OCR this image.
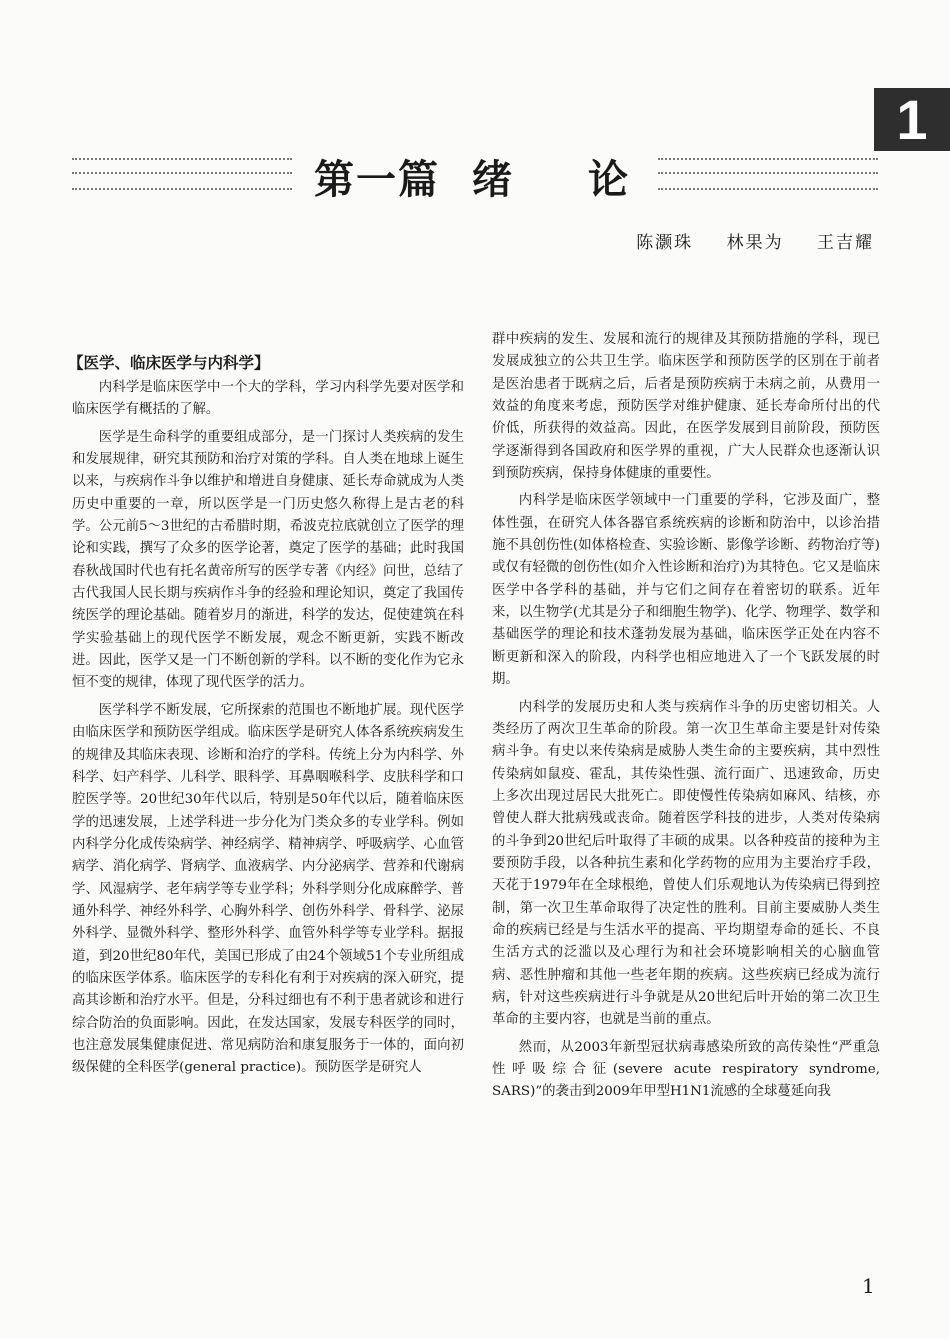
1
第一篇 绪 论
陈灏珠 林果为 王吉耀
【医学、临床医学与内科学】

内科学是临床医学中一个大的学科，学习内科学先要对医学和临床医学有概括的了解。

医学是生命科学的重要组成部分，是一门探讨人类疾病的发生和发展规律，研究其预防和治疗对策的学科。自人类在地球上诞生以来，与疾病作斗争以维护和增进自身健康、延长寿命就成为人类历史中重要的一章，所以医学是一门历史悠久称得上是古老的科学。公元前5～3世纪的古希腊时期，希波克拉底就创立了医学的理论和实践，撰写了众多的医学论著，奠定了医学的基础；此时我国春秋战国时代也有托名黄帝所写的医学专著《内经》问世，总结了古代我国人民长期与疾病作斗争的经验和理论知识，奠定了我国传统医学的理论基础。随着岁月的渐进，科学的发达，促使建筑在科学实验基础上的现代医学不断发展，观念不断更新，实践不断改进。因此，医学又是一门不断创新的学科。以不断的变化作为它永恒不变的规律，体现了现代医学的活力。

医学科学不断发展，它所探索的范围也不断地扩展。现代医学由临床医学和预防医学组成。临床医学是研究人体各系统疾病发生的规律及其临床表现、诊断和治疗的学科。传统上分为内科学、外科学、妇产科学、儿科学、眼科学、耳鼻咽喉科学、皮肤科学和口腔医学等。20世纪30年代以后，特别是50年代以后，随着临床医学的迅速发展，上述学科进一步分化为门类众多的专业学科。例如内科学分化成传染病学、神经病学、精神病学、呼吸病学、心血管病学、消化病学、肾病学、血液病学、内分泌病学、营养和代谢病学、风湿病学、老年病学等专业学科；外科学则分化成麻醉学、普通外科学、神经外科学、心胸外科学、创伤外科学、骨科学、泌尿外科学、显微外科学、整形外科学、血管外科学等专业学科。据报道，到20世纪80年代，美国已形成了由24个领域51个专业所组成的临床医学体系。临床医学的专科化有利于对疾病的深入研究，提高其诊断和治疗水平。但是，分科过细也有不利于患者就诊和进行综合防治的负面影响。因此，在发达国家，发展专科医学的同时，也注意发展集健康促进、常见病防治和康复服务于一体的，面向初级保健的全科医学(general practice)。预防医学是研究人

群中疾病的发生、发展和流行的规律及其预防措施的学科，现已发展成独立的公共卫生学。临床医学和预防医学的区别在于前者是医治患者于既病之后，后者是预防疾病于未病之前，从费用一效益的角度来考虑，预防医学对维护健康、延长寿命所付出的代价低，所获得的效益高。因此，在医学发展到目前阶段，预防医学逐渐得到各国政府和医学界的重视，广大人民群众也逐渐认识到预防疾病，保持身体健康的重要性。

内科学是临床医学领域中一门重要的学科，它涉及面广，整体性强，在研究人体各器官系统疾病的诊断和防治中，以诊治措施不具创伤性(如体格检查、实验诊断、影像学诊断、药物治疗等)或仅有轻微的创伤性(如介入性诊断和治疗)为其特色。它又是临床医学中各学科的基础，并与它们之间存在着密切的联系。近年来，以生物学(尤其是分子和细胞生物学)、化学、物理学、数学和基础医学的理论和技术蓬勃发展为基础，临床医学正处在内容不断更新和深入的阶段，内科学也相应地进入了一个飞跃发展的时期。

内科学的发展历史和人类与疾病作斗争的历史密切相关。人类经历了两次卫生革命的阶段。第一次卫生革命主要是针对传染病斗争。有史以来传染病是威胁人类生命的主要疾病，其中烈性传染病如鼠疫、霍乱，其传染性强、流行面广、迅速致命，历史上多次出现过居民大批死亡。即使慢性传染病如麻风、结核，亦曾使人群大批病残或丧命。随着医学科技的进步，人类对传染病的斗争到20世纪后叶取得了丰硕的成果。以各种疫苗的接种为主要预防手段，以各种抗生素和化学药物的应用为主要治疗手段，天花于1979年在全球根绝，曾使人们乐观地认为传染病已得到控制，第一次卫生革命取得了决定性的胜利。目前主要威胁人类生命的疾病已经是与生活水平的提高、平均期望寿命的延长、不良生活方式的泛滥以及心理行为和社会环境影响相关的心脑血管病、恶性肿瘤和其他一些老年期的疾病。这些疾病已经成为流行病，针对这些疾病进行斗争就是从20世纪后叶开始的第二次卫生革命的主要内容，也就是当前的重点。

然而，从2003年新型冠状病毒感染所致的高传染性“严重急性呼吸综合征(severe acute respiratory syndrome, SARS)”的袭击到2009年甲型H1N1流感的全球蔓延向我

1
